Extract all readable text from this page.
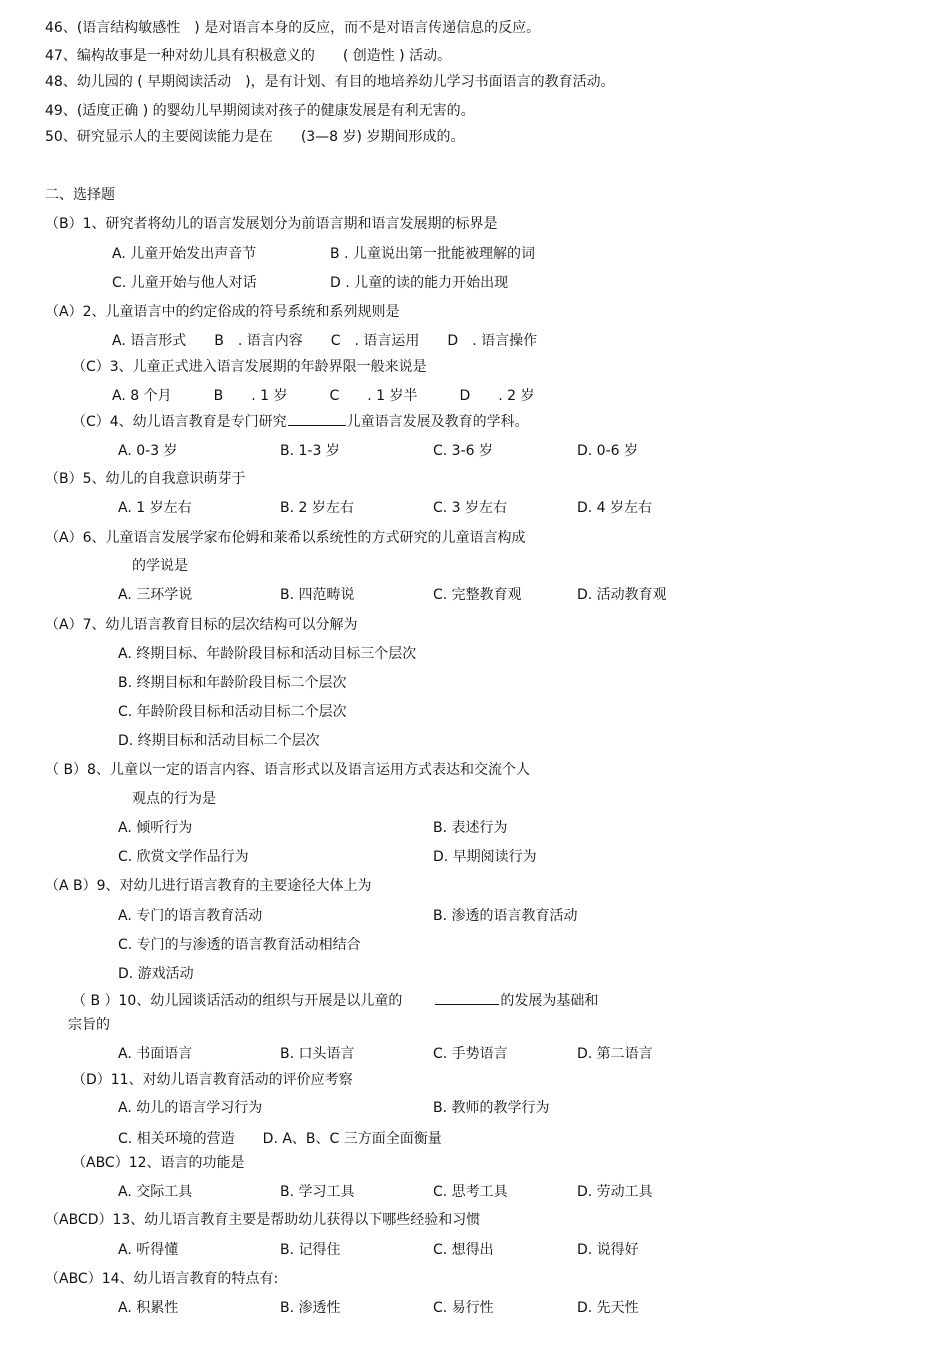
46、(语言结构敏感性　) 是对语言本身的反应，而不是对语言传递信息的反应。
47、编构故事是一种对幼儿具有积极意义的　　( 创造性 ) 活动。
48、幼儿园的 ( 早期阅读活动　)，是有计划、有目的地培养幼儿学习书面语言的教育活动。
49、(适度正确 ) 的婴幼儿早期阅读对孩子的健康发展是有利无害的。
50、研究显示人的主要阅读能力是在　　(3—8 岁) 岁期间形成的。
二、选择题
（B）1、研究者将幼儿的语言发展划分为前语言期和语言发展期的标界是
A. 儿童开始发出声音节	B . 儿童说出第一批能被理解的词
C. 儿童开始与他人对话	D . 儿童的读的能力开始出现
（A）2、儿童语言中的约定俗成的符号系统和系列规则是
A. 语言形式　　B　. 语言内容　　C　. 语言运用　　D　. 语言操作
（C）3、儿童正式进入语言发展期的年龄界限一般来说是
A. 8 个月　　　B　　. 1 岁　　　C　　. 1 岁半　　　D　　. 2 岁
（C）4、幼儿语言教育是专门研究	儿童语言发展及教育的学科。
A. 0-3 岁	B. 1-3 岁	C. 3-6 岁	D. 0-6 岁
（B）5、幼儿的自我意识萌芽于
A. 1 岁左右	B. 2 岁左右	C. 3 岁左右	D. 4 岁左右
（A）6、儿童语言发展学家布伦姆和莱希以系统性的方式研究的儿童语言构成
的学说是
A. 三环学说	B. 四范畴说	C. 完整教育观	D. 活动教育观
（A）7、幼儿语言教育目标的层次结构可以分解为
A. 终期目标、年龄阶段目标和活动目标三个层次
B. 终期目标和年龄阶段目标二个层次
C. 年龄阶段目标和活动目标二个层次
D. 终期目标和活动目标二个层次
（ B）8、儿童以一定的语言内容、语言形式以及语言运用方式表达和交流个人
观点的行为是
A. 倾听行为	B. 表述行为
C. 欣赏文学作品行为	D. 早期阅读行为
（A B）9、对幼儿进行语言教育的主要途径大体上为
A. 专门的语言教育活动	B. 渗透的语言教育活动
C. 专门的与渗透的语言教育活动相结合
D. 游戏活动
（ B ）10、幼儿园谈话活动的组织与开展是以儿童的	的发展为基础和
宗旨的
A. 书面语言	B. 口头语言	C. 手势语言	D. 第二语言
（D）11、对幼儿语言教育活动的评价应考察
A. 幼儿的语言学习行为	B. 教师的教学行为
C. 相关环境的营造　　D. A、B、C 三方面全面衡量
（ABC）12、语言的功能是
A. 交际工具	B. 学习工具	C. 思考工具	D. 劳动工具
（ABCD）13、幼儿语言教育主要是帮助幼儿获得以下哪些经验和习惯
A. 听得懂	B. 记得住	C. 想得出	D. 说得好
（ABC）14、幼儿语言教育的特点有:
A. 积累性	B. 渗透性	C. 易行性	D. 先天性
